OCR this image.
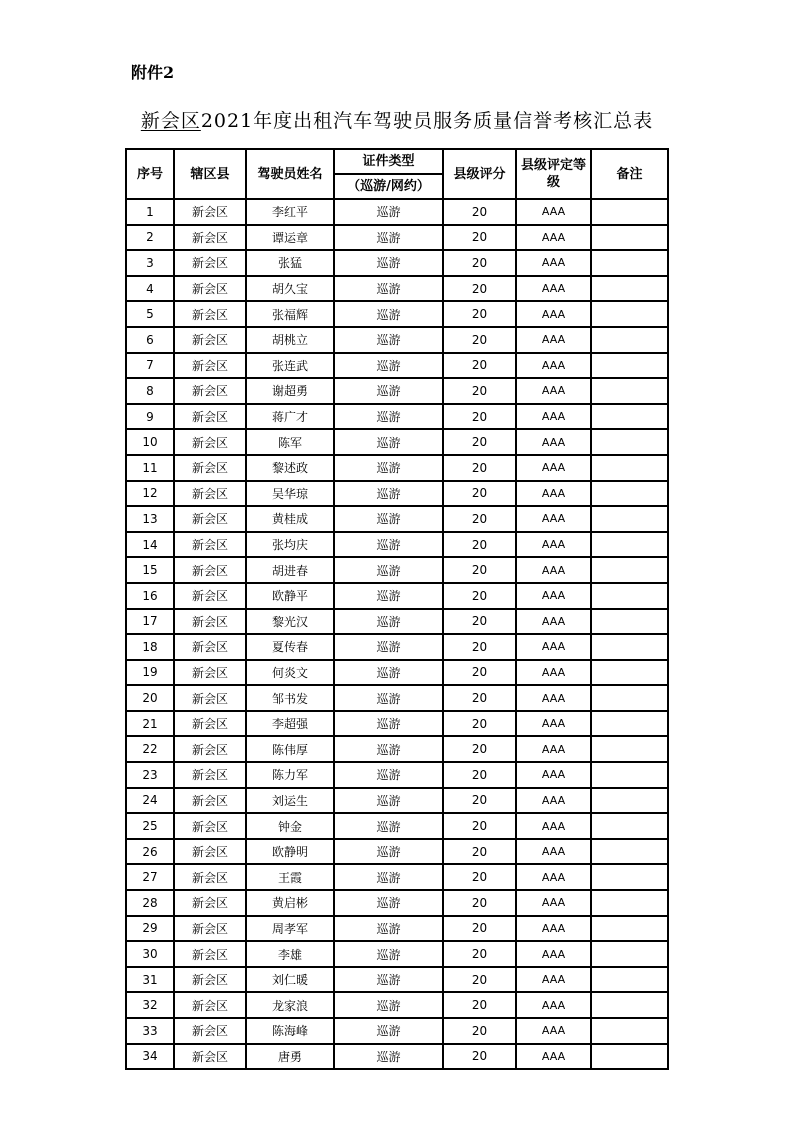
附件2
新会区2021年度出租汽车驾驶员服务质量信誉考核汇总表
序号	辖区县	驾驶员姓名	证件类型	县级评分	县级评定等级	备注
			（巡游/网约）			
1	新会区	李红平	巡游	20	AAA	
2	新会区	谭运章	巡游	20	AAA	
3	新会区	张猛	巡游	20	AAA	
4	新会区	胡久宝	巡游	20	AAA	
5	新会区	张福辉	巡游	20	AAA	
6	新会区	胡桃立	巡游	20	AAA	
7	新会区	张连武	巡游	20	AAA	
8	新会区	谢超勇	巡游	20	AAA	
9	新会区	蒋广才	巡游	20	AAA	
10	新会区	陈军	巡游	20	AAA	
11	新会区	黎述政	巡游	20	AAA	
12	新会区	吴华琼	巡游	20	AAA	
13	新会区	黄桂成	巡游	20	AAA	
14	新会区	张均庆	巡游	20	AAA	
15	新会区	胡进春	巡游	20	AAA	
16	新会区	欧静平	巡游	20	AAA	
17	新会区	黎光汉	巡游	20	AAA	
18	新会区	夏传春	巡游	20	AAA	
19	新会区	何炎文	巡游	20	AAA	
20	新会区	邹书发	巡游	20	AAA	
21	新会区	李超强	巡游	20	AAA	
22	新会区	陈伟厚	巡游	20	AAA	
23	新会区	陈力军	巡游	20	AAA	
24	新会区	刘运生	巡游	20	AAA	
25	新会区	钟金	巡游	20	AAA	
26	新会区	欧静明	巡游	20	AAA	
27	新会区	王霞	巡游	20	AAA	
28	新会区	黄启彬	巡游	20	AAA	
29	新会区	周孝军	巡游	20	AAA	
30	新会区	李雄	巡游	20	AAA	
31	新会区	刘仁暖	巡游	20	AAA	
32	新会区	龙家浪	巡游	20	AAA	
33	新会区	陈海峰	巡游	20	AAA	
34	新会区	唐勇	巡游	20	AAA	
